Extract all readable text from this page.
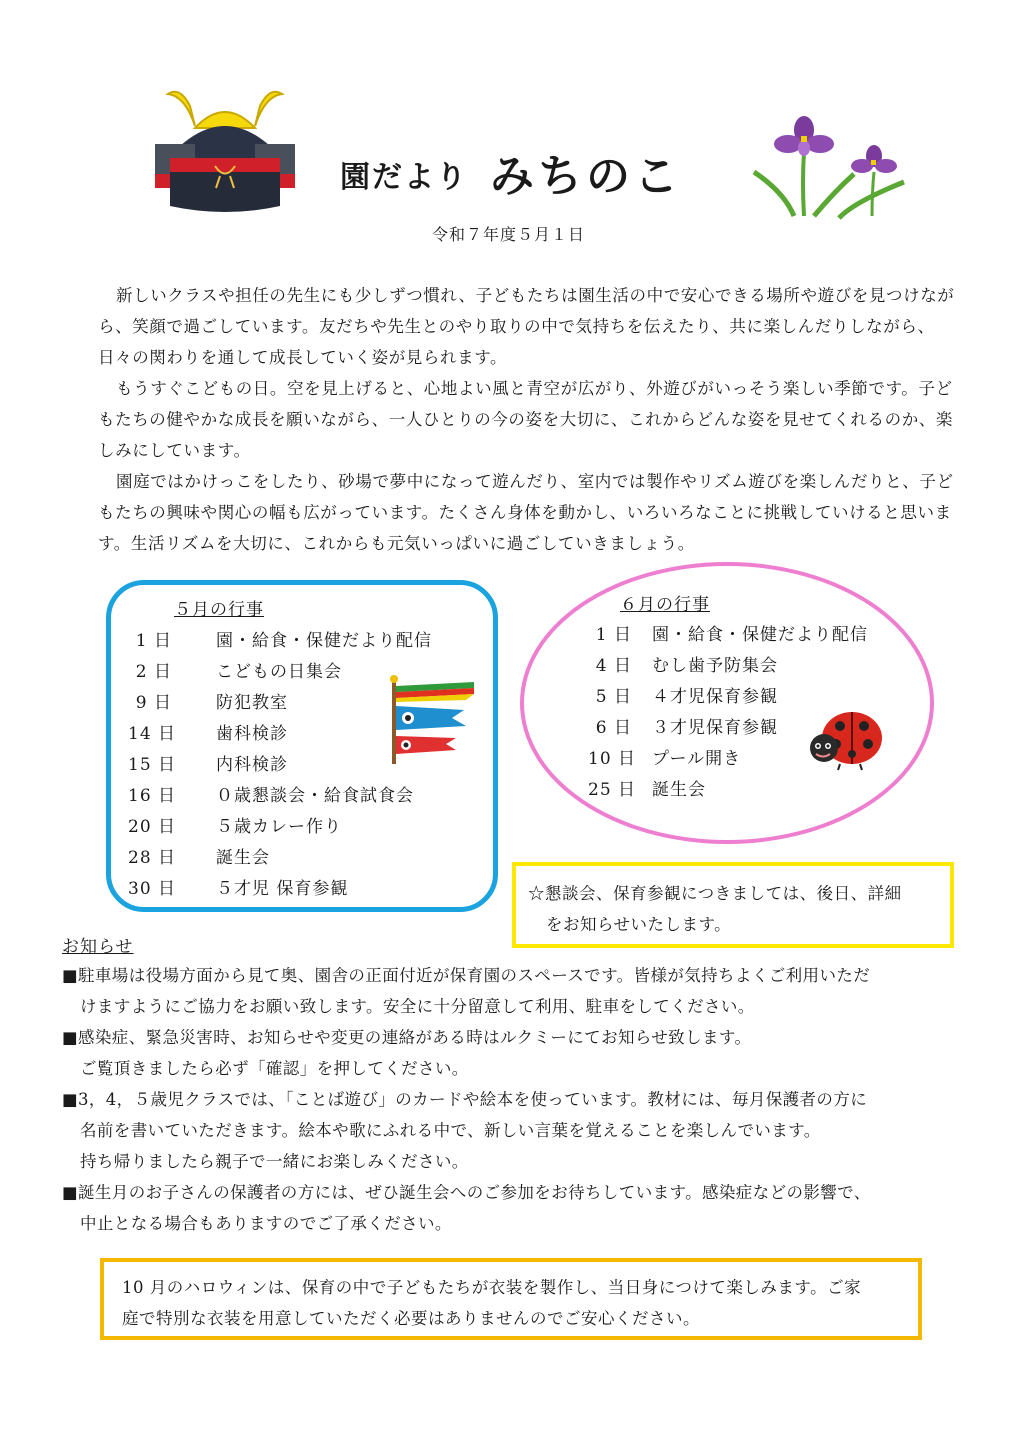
園だより みちのこ
令和７年度５月１日

新しいクラスや担任の先生にも少しずつ慣れ、子どもたちは園生活の中で安心できる場所や遊びを見つけながら、笑顔で過ごしています。友だちや先生とのやり取りの中で気持ちを伝えたり、共に楽しんだりしながら、日々の関わりを通して成長していく姿が見られます。

もうすぐこどもの日。空を見上げると、心地よい風と青空が広がり、外遊びがいっそう楽しい季節です。子どもたちの健やかな成長を願いながら、一人ひとりの今の姿を大切に、これからどんな姿を見せてくれるのか、楽しみにしています。

園庭ではかけっこをしたり、砂場で夢中になって遊んだり、室内では製作やリズム遊びを楽しんだりと、子どもたちの興味や関心の幅も広がっています。たくさん身体を動かし、いろいろなことに挑戦していけると思います。生活リズムを大切に、これからも元気いっぱいに過ごしていきましょう。

５月の行事
1 日	園・給食・保健だより配信
2 日	こどもの日集会
9 日	防犯教室
14 日 歯科検診
15 日 内科検診
16 日 ０歳懇談会・給食試食会
20 日 ５歳カレー作り
28 日 誕生会
30 日 ５才児 保育参観
６月の行事
1 日 園・給食・保健だより配信
4 日 むし歯予防集会
5 日 ４才児保育参観
6 日 ３才児保育参観
10 日 プール開き
25 日 誕生会
☆懇談会、保育参観につきましては、後日、詳細
をお知らせいたします。
お知らせ

■駐車場は役場方面から見て奥、園舎の正面付近が保育園のスペースです。皆様が気持ちよくご利用いただ

けますようにご協力をお願い致します。安全に十分留意して利用、駐車をしてください。

■感染症、緊急災害時、お知らせや変更の連絡がある時はルクミーにてお知らせ致します。

ご覧頂きましたら必ず「確認」を押してください。

■3，4，５歳児クラスでは、「ことば遊び」のカードや絵本を使っています。教材には、毎月保護者の方に

名前を書いていただきます。絵本や歌にふれる中で、新しい言葉を覚えることを楽しんでいます。

持ち帰りましたら親子で一緒にお楽しみください。

■誕生月のお子さんの保護者の方には、ぜひ誕生会へのご参加をお待ちしています。感染症などの影響で、

中止となる場合もありますのでご了承ください。

10 月のハロウィンは、保育の中で子どもたちが衣装を製作し、当日身につけて楽しみます。ご家
庭で特別な衣装を用意していただく必要はありませんのでご安心ください。
